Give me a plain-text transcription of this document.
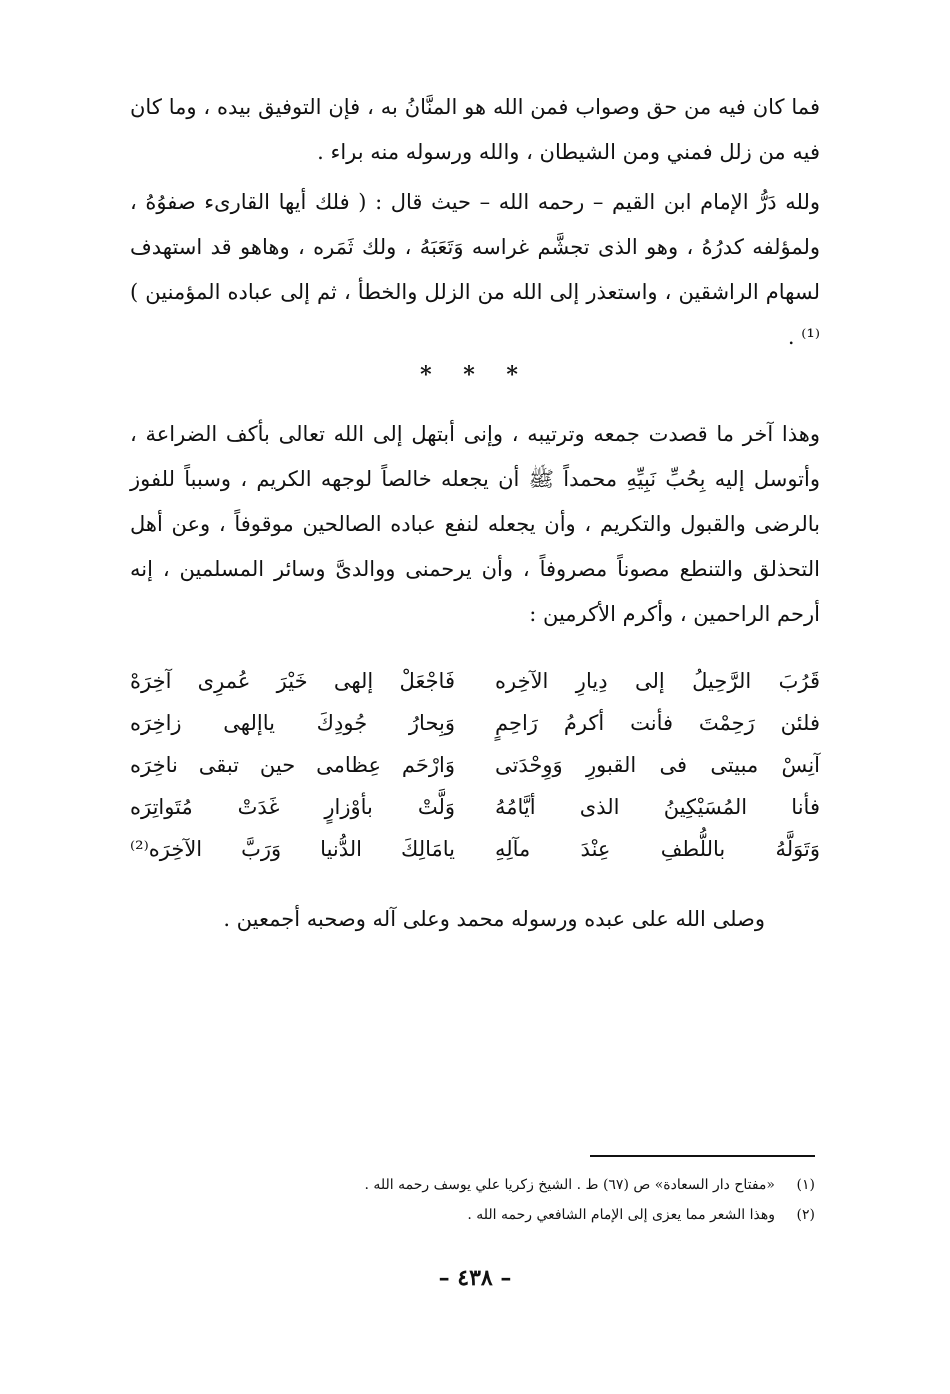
فما كان فيه من حق وصواب فمن الله هو المنَّانُ به ، فإن التوفيق بيده ، وما كان فيه من زلل فمني ومن الشيطان ، والله ورسوله منه براء .

ولله دَرُّ الإمام ابن القيم – رحمه الله – حيث قال : ( فلك أيها القارىء صفوُهُ ، ولمؤلفه كدرُهُ ، وهو الذى تجشَّم غراسه وَتَعَبَهُ ، ولك ثَمَره ، وهاهو قد استهدف لسهام الراشقين ، واستعذر إلى الله من الزلل والخطأ ، ثم إلى عباده المؤمنين )⁽¹⁾ .

* * *

وهذا آخر ما قصدت جمعه وترتيبه ، وإنى أبتهل إلى الله تعالى بأكف الضراعة ، وأتوسل إليه بِحُبِّ نَبِيِّهِ محمداً ﷺ أن يجعله خالصاً لوجهه الكريم ، وسبباً للفوز بالرضى والقبول والتكريم ، وأن يجعله لنفع عباده الصالحين موقوفاً ، وعن أهل التحذلق والتنطع مصوناً مصروفاً ، وأن يرحمنى ووالدىَّ وسائر المسلمين ، إنه أرحم الراحمين ، وأكرم الأكرمين :

قَرُبَ الرَّحِيلُ إلى دِيارِ الآخِره
فَاجْعَلْ إلهى خَيْرَ عُمرِى آخِرَهْ
فلئن رَحِمْتَ فأنت أكرمُ رَاحِمٍ
وَبِحارُ جُودِكَ ياإلهى زاخِرَه
آنِسْ مبيتى فى القبورِ وَوِحْدَتى
وَارْحَم عِظامى حين تبقى ناخِرَه
فأنا المُسَيْكِينُ الذى أيَّامُهُ
وَلَّتْ بأوْزارٍ غَدَتْ مُتَواتِرَه
وَتَوَلَّهُ باللُّطفِ عِنْدَ مآلِهِ
يامَالِكَ الدُّنيا وَرَبَّ الآخِرَه⁽²⁾

وصلى الله على عبده ورسوله محمد وعلى آله وصحبه أجمعين .

(١)
«مفتاح دار السعادة» ص (٦٧) ط . الشيخ زكريا علي يوسف رحمه الله .
(٢)
وهذا الشعر مما يعزى إلى الإمام الشافعي رحمه الله .
– ٤٣٨ –
